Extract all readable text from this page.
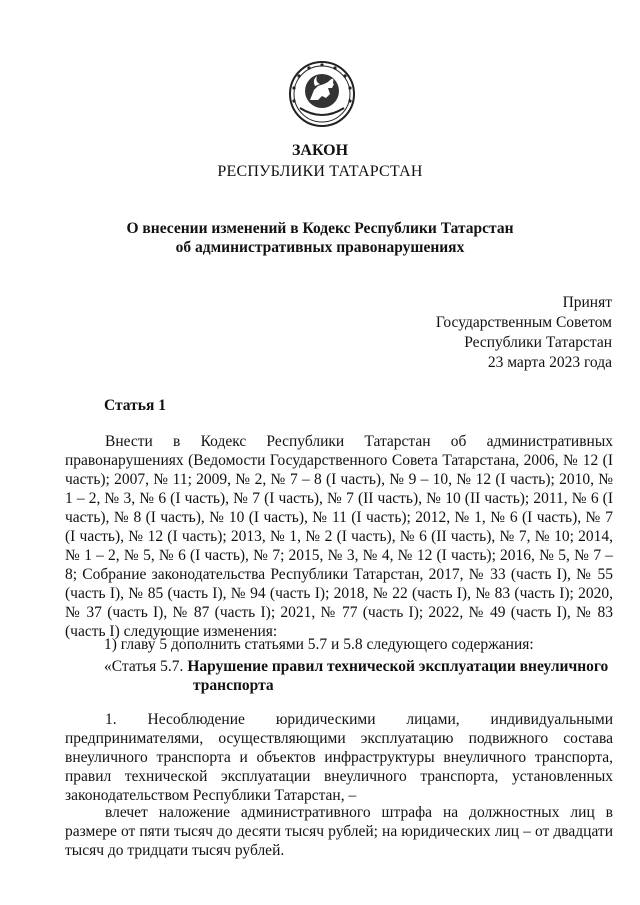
ЗАКОН
РЕСПУБЛИКИ ТАТАРСТАН
О внесении изменений в Кодекс Республики Татарстан
об административных правонарушениях
Принят
Государственным Советом
Республики Татарстан
23 марта 2023 года
Статья 1
Внести в Кодекс Республики Татарстан об административных правонарушениях (Ведомости Государственного Совета Татарстана, 2006, № 12 (I часть); 2007, № 11; 2009, № 2, № 7 – 8 (I часть), № 9 – 10, № 12 (I часть); 2010, № 1 – 2, № 3, № 6 (I часть), № 7 (I часть), № 7 (II часть), № 10 (II часть); 2011, № 6 (I часть), № 8 (I часть), № 10 (I часть), № 11 (I часть); 2012, № 1, № 6 (I часть), № 7 (I часть), № 12 (I часть); 2013, № 1, № 2 (I часть), № 6 (II часть), № 7, № 10; 2014, № 1 – 2, № 5, № 6 (I часть), № 7; 2015, № 3, № 4, № 12 (I часть); 2016, № 5, № 7 – 8; Собрание законодательства Республики Татарстан, 2017, № 33 (часть I), № 55 (часть I), № 85 (часть I), № 94 (часть I); 2018, № 22 (часть I), № 83 (часть I); 2020, № 37 (часть I), № 87 (часть I); 2021, № 77 (часть I); 2022, № 49 (часть I), № 83 (часть I) следующие изменения:
1) главу 5 дополнить статьями 5.7 и 5.8 следующего содержания:
«Статья 5.7. Нарушение правил технической эксплуатации внеуличного
транспорта
1. Несоблюдение юридическими лицами, индивидуальными предпринимателями, осуществляющими эксплуатацию подвижного состава внеуличного транспорта и объектов инфраструктуры внеуличного транспорта, правил технической эксплуатации внеуличного транспорта, установленных законодательством Республики Татарстан, –
влечет наложение административного штрафа на должностных лиц в размере от пяти тысяч до десяти тысяч рублей; на юридических лиц – от двадцати тысяч до тридцати тысяч рублей.
